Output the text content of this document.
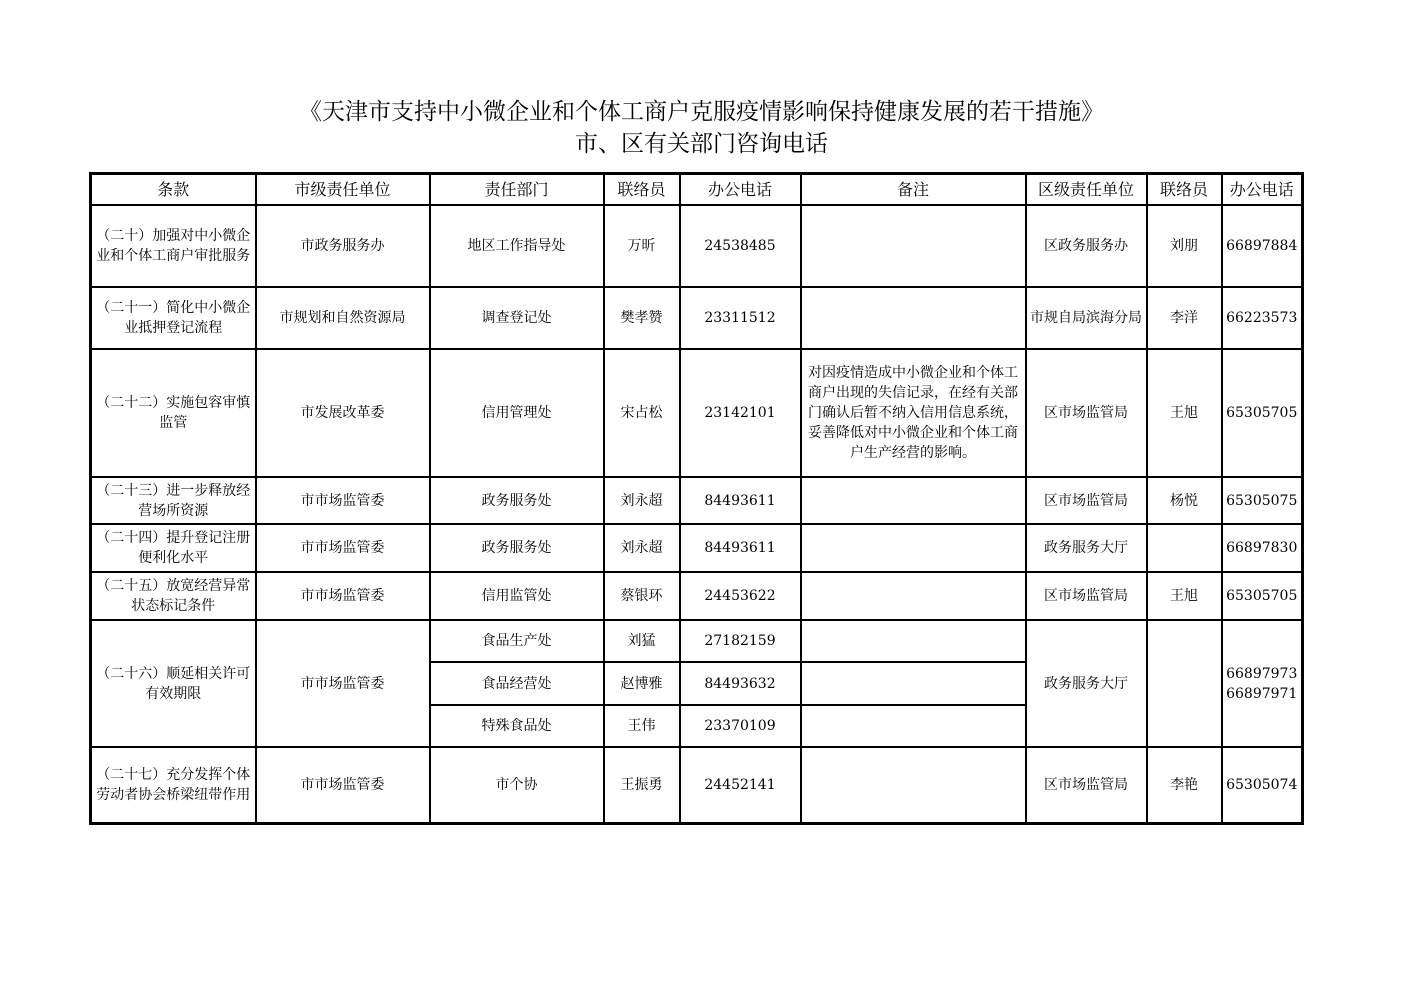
《天津市支持中小微企业和个体工商户克服疫情影响保持健康发展的若干措施》
市、区有关部门咨询电话
条款	市级责任单位	责任部门	联络员	办公电话	备注	区级责任单位	联络员	办公电话
（二十）加强对中小微企业和个体工商户审批服务	市政务服务办	地区工作指导处	万昕	24538485		区政务服务办	刘朋	66897884
（二十一）简化中小微企业抵押登记流程	市规划和自然资源局	调查登记处	樊孝赞	23311512		市规自局滨海分局	李洋	66223573
（二十二）实施包容审慎监管	市发展改革委	信用管理处	宋占松	23142101	对因疫情造成中小微企业和个体工商户出现的失信记录，在经有关部门确认后暂不纳入信用信息系统，妥善降低对中小微企业和个体工商户生产经营的影响。	区市场监管局	王旭	65305705
（二十三）进一步释放经营场所资源	市市场监管委	政务服务处	刘永超	84493611		区市场监管局	杨悦	65305075
（二十四）提升登记注册便利化水平	市市场监管委	政务服务处	刘永超	84493611		政务服务大厅		66897830
（二十五）放宽经营异常状态标记条件	市市场监管委	信用监管处	蔡银环	24453622		区市场监管局	王旭	65305705
（二十六）顺延相关许可有效期限	市市场监管委	食品生产处	刘猛	27182159		政务服务大厅		66897973
66897971

		食品经营处	赵博雅	84493632				
		特殊食品处	王伟	23370109				
（二十七）充分发挥个体劳动者协会桥梁纽带作用	市市场监管委	市个协	王振勇	24452141		区市场监管局	李艳	65305074
